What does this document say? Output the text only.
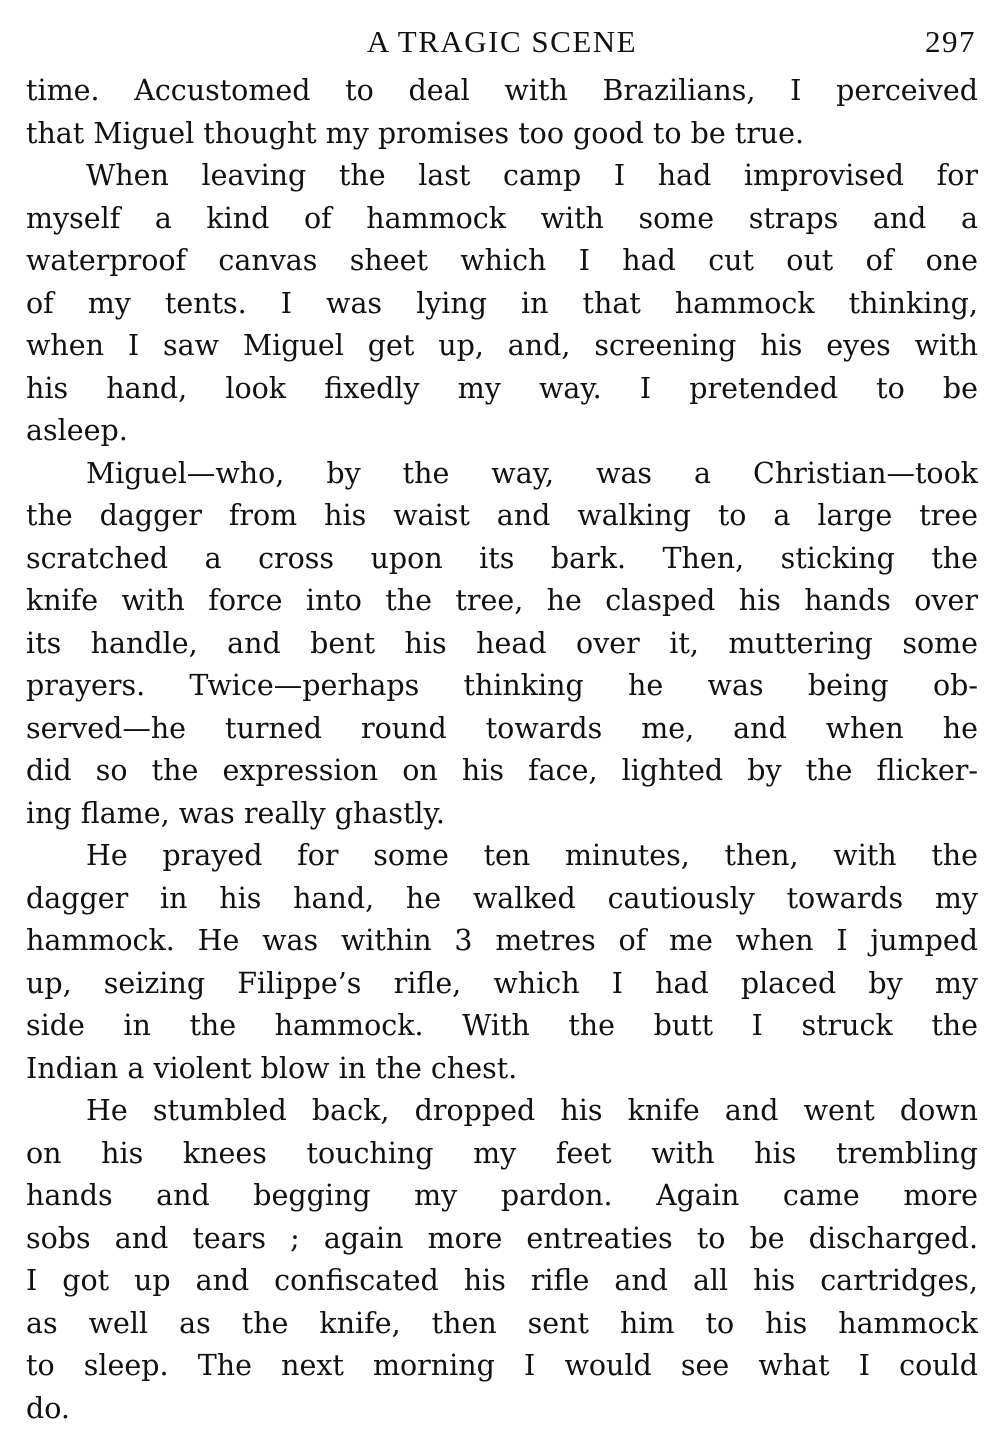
A TRAGIC SCENE	297
time. Accustomed to deal with Brazilians, I perceived
that Miguel thought my promises too good to be true.
When leaving the last camp I had improvised for
myself a kind of hammock with some straps and a
waterproof canvas sheet which I had cut out of one
of my tents. I was lying in that hammock thinking,
when I saw Miguel get up, and, screening his eyes with
his hand, look fixedly my way. I pretended to be
asleep.
Miguel—who, by the way, was a Christian—took
the dagger from his waist and walking to a large tree
scratched a cross upon its bark. Then, sticking the
knife with force into the tree, he clasped his hands over
its handle, and bent his head over it, muttering some
prayers. Twice—perhaps thinking he was being ob-
served—he turned round towards me, and when he
did so the expression on his face, lighted by the flicker-
ing flame, was really ghastly.
He prayed for some ten minutes, then, with the
dagger in his hand, he walked cautiously towards my
hammock. He was within 3 metres of me when I jumped
up, seizing Filippe’s rifle, which I had placed by my
side in the hammock. With the butt I struck the
Indian a violent blow in the chest.
He stumbled back, dropped his knife and went down
on his knees touching my feet with his trembling
hands and begging my pardon. Again came more
sobs and tears ; again more entreaties to be discharged.
I got up and confiscated his rifle and all his cartridges,
as well as the knife, then sent him to his hammock
to sleep. The next morning I would see what I could
do.
